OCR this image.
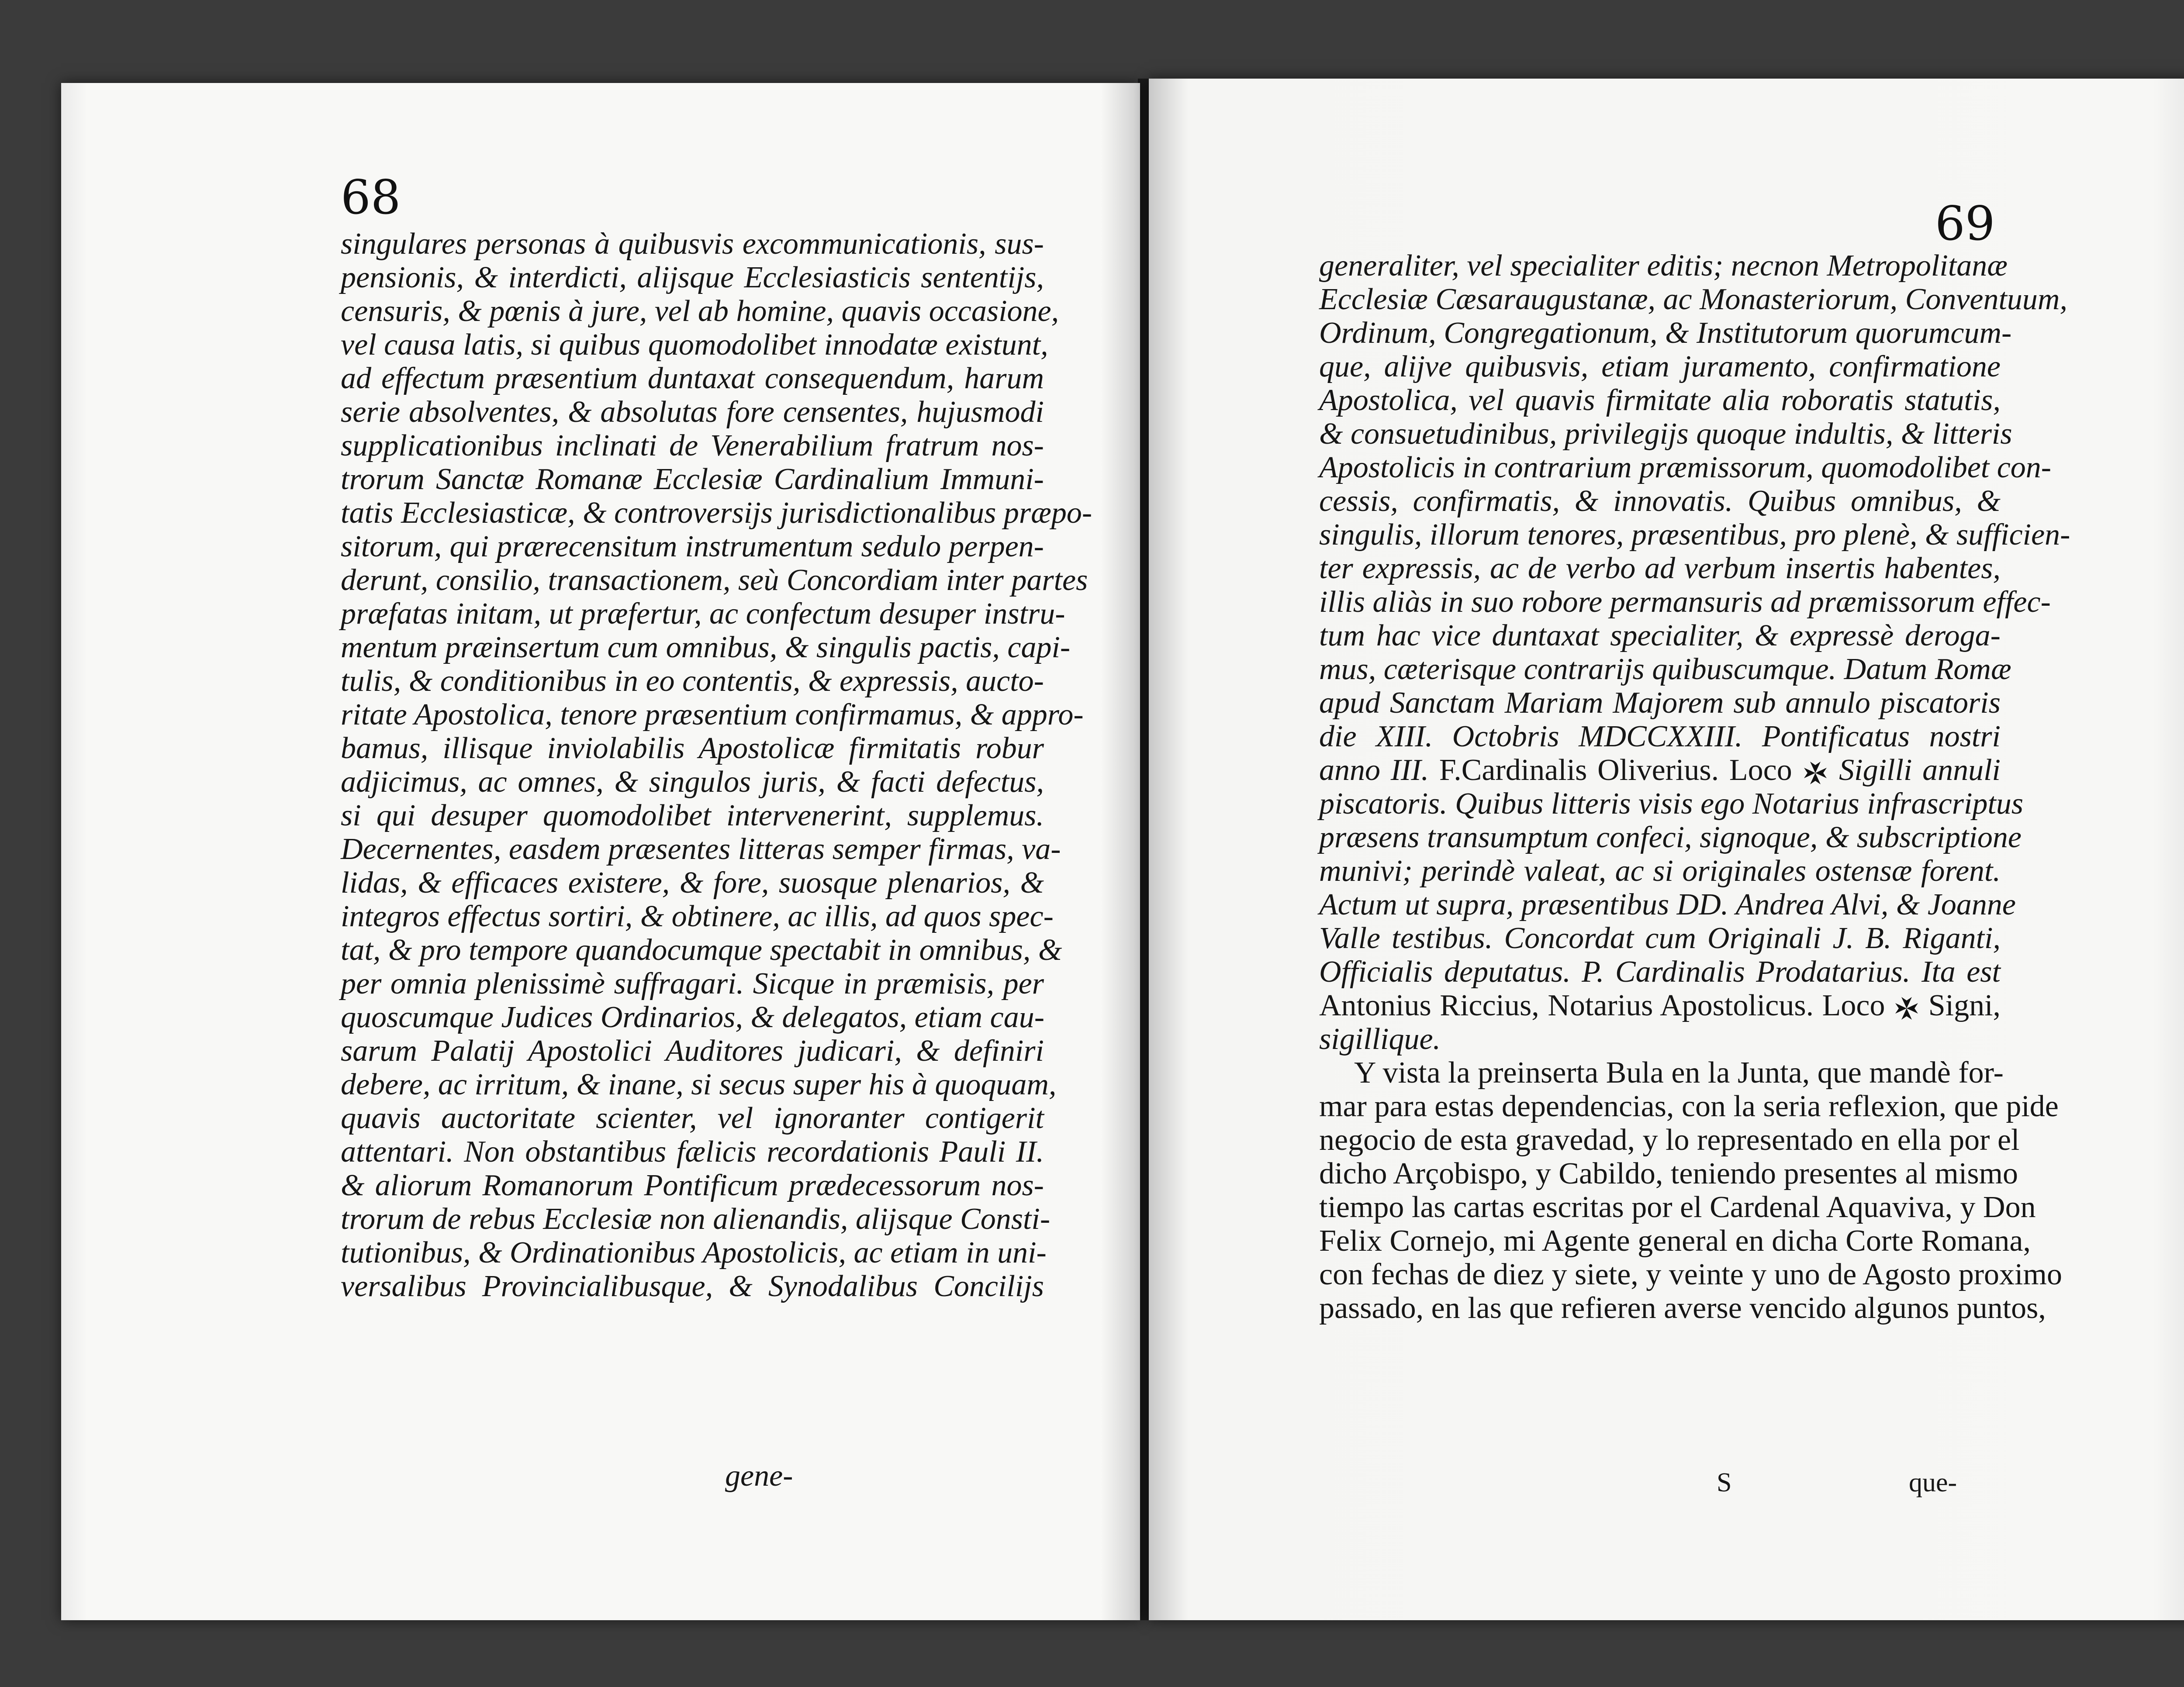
68
singulares personas à quibusvis excommunicationis, sus-
pensionis, & interdicti, alijsque Ecclesiasticis sententijs,
censuris, & pœnis à jure, vel ab homine, quavis occasione,
vel causa latis, si quibus quomodolibet innodatæ existunt,
ad effectum præsentium duntaxat consequendum, harum
serie absolventes, & absolutas fore censentes, hujusmodi
supplicationibus inclinati de Venerabilium fratrum nos-
trorum Sanctæ Romanæ Ecclesiæ Cardinalium Immuni-
tatis Ecclesiasticæ, & controversijs jurisdictionalibus præpo-
sitorum, qui prærecensitum instrumentum sedulo perpen-
derunt, consilio, transactionem, seù Concordiam inter partes
præfatas initam, ut præfertur, ac confectum desuper instru-
mentum præinsertum cum omnibus, & singulis pactis, capi-
tulis, & conditionibus in eo contentis, & expressis, aucto-
ritate Apostolica, tenore præsentium confirmamus, & appro-
bamus, illisque inviolabilis Apostolicæ firmitatis robur
adjicimus, ac omnes, & singulos juris, & facti defectus,
si qui desuper quomodolibet intervenerint, supplemus.
Decernentes, easdem præsentes litteras semper firmas, va-
lidas, & efficaces existere, & fore, suosque plenarios, &
integros effectus sortiri, & obtinere, ac illis, ad quos spec-
tat, & pro tempore quandocumque spectabit in omnibus, &
per omnia plenissimè suffragari. Sicque in præmisis, per
quoscumque Judices Ordinarios, & delegatos, etiam cau-
sarum Palatij Apostolici Auditores judicari, & definiri
debere, ac irritum, & inane, si secus super his à quoquam,
quavis auctoritate scienter, vel ignoranter contigerit
attentari. Non obstantibus fælicis recordationis Pauli II.
& aliorum Romanorum Pontificum prædecessorum nos-
trorum de rebus Ecclesiæ non alienandis, alijsque Consti-
tutionibus, & Ordinationibus Apostolicis, ac etiam in uni-
versalibus Provincialibusque, & Synodalibus Concilijs
gene-
69
generaliter, vel specialiter editis; necnon Metropolitanæ
Ecclesiæ Cæsaraugustanæ, ac Monasteriorum, Conventuum,
Ordinum, Congregationum, & Institutorum quorumcum-
que, alijve quibusvis, etiam juramento, confirmatione
Apostolica, vel quavis firmitate alia roboratis statutis,
& consuetudinibus, privilegijs quoque indultis, & litteris
Apostolicis in contrarium præmissorum, quomodolibet con-
cessis, confirmatis, & innovatis. Quibus omnibus, &
singulis, illorum tenores, præsentibus, pro plenè, & sufficien-
ter expressis, ac de verbo ad verbum insertis habentes,
illis aliàs in suo robore permansuris ad præmissorum effec-
tum hac vice duntaxat specialiter, & expressè deroga-
mus, cæterisque contrarijs quibuscumque. Datum Romæ
apud Sanctam Mariam Majorem sub annulo piscatoris
die XIII. Octobris MDCCXXIII. Pontificatus nostri
anno III. F.Cardinalis Oliverius. Loco Sigilli annuli
piscatoris. Quibus litteris visis ego Notarius infrascriptus
præsens transumptum confeci, signoque, & subscriptione
munivi; perindè valeat, ac si originales ostensæ forent.
Actum ut supra, præsentibus DD. Andrea Alvi, & Joanne
Valle testibus. Concordat cum Originali J. B. Riganti,
Officialis deputatus. P. Cardinalis Prodatarius. Ita est
Antonius Riccius, Notarius Apostolicus. Loco Signi,
sigillique.
Y vista la preinserta Bula en la Junta, que mandè for-
mar para estas dependencias, con la seria reflexion, que pide
negocio de esta gravedad, y lo representado en ella por el
dicho Arçobispo, y Cabildo, teniendo presentes al mismo
tiempo las cartas escritas por el Cardenal Aquaviva, y Don
Felix Cornejo, mi Agente general en dicha Corte Romana,
con fechas de diez y siete, y veinte y uno de Agosto proximo
passado, en las que refieren averse vencido algunos puntos,
S	que-
